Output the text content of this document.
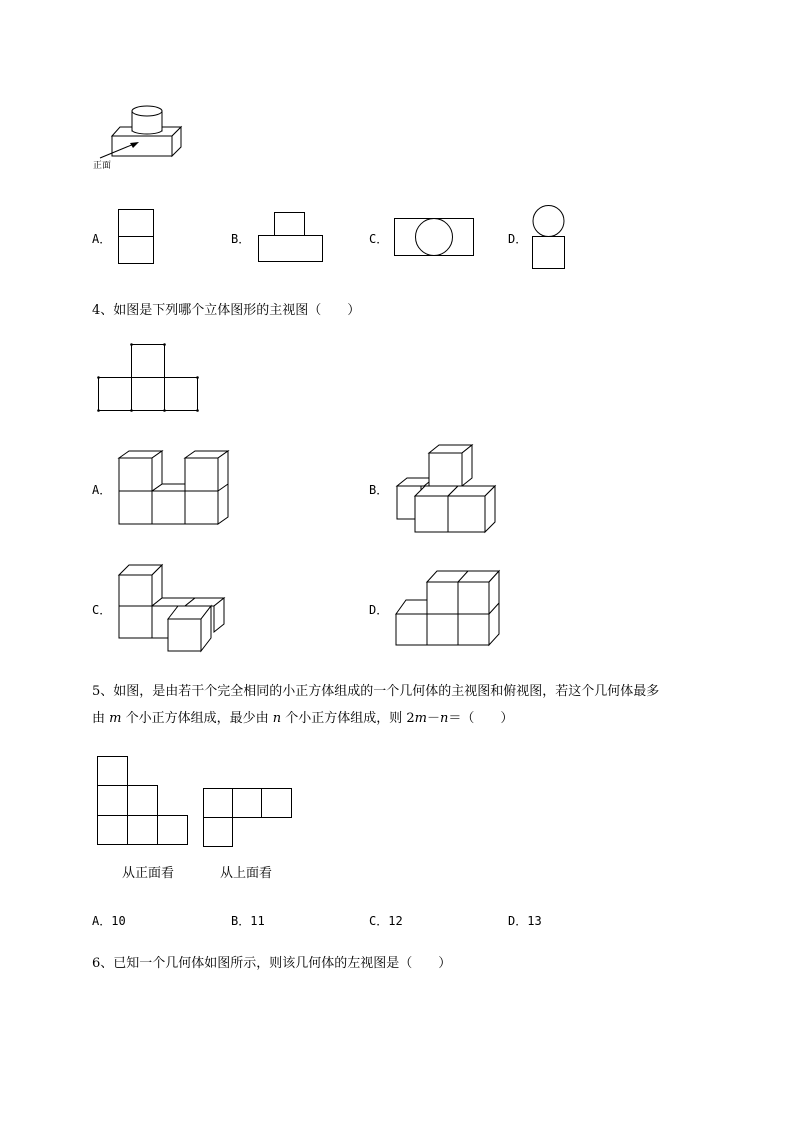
正面
A．	B．	C．	D．
4、如图是下列哪个立体图形的主视图（　　）
A．	B．
C．	D．
5、如图，是由若干个完全相同的小正方体组成的一个几何体的主视图和俯视图，若这个几何体最多
由 m 个小正方体组成，最少由 n 个小正方体组成，则 2m－n＝（　　）
从正面看	从上面看
A．10	B．11	C．12	D．13
6、已知一个几何体如图所示，则该几何体的左视图是（　　）
